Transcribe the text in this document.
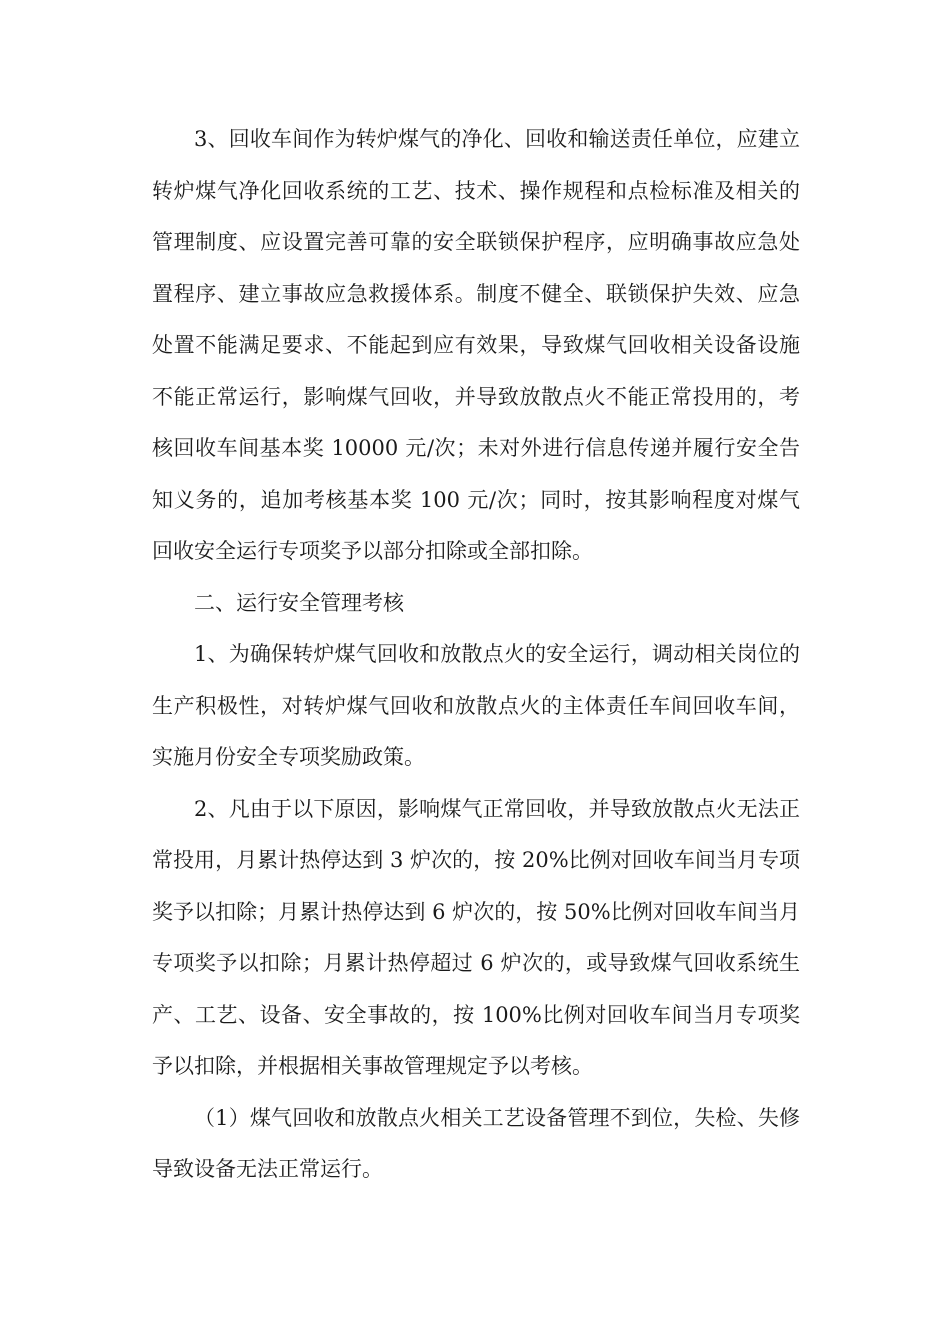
3、回收车间作为转炉煤气的净化、回收和输送责任单位，应建立转炉煤气净化回收系统的工艺、技术、操作规程和点检标准及相关的管理制度、应设置完善可靠的安全联锁保护程序，应明确事故应急处置程序、建立事故应急救援体系。制度不健全、联锁保护失效、应急处置不能满足要求、不能起到应有效果，导致煤气回收相关设备设施不能正常运行，影响煤气回收，并导致放散点火不能正常投用的，考核回收车间基本奖 10000 元/次；未对外进行信息传递并履行安全告知义务的，追加考核基本奖 100 元/次；同时，按其影响程度对煤气回收安全运行专项奖予以部分扣除或全部扣除。

二、运行安全管理考核

1、为确保转炉煤气回收和放散点火的安全运行，调动相关岗位的生产积极性，对转炉煤气回收和放散点火的主体责任车间回收车间，实施月份安全专项奖励政策。

2、凡由于以下原因，影响煤气正常回收，并导致放散点火无法正常投用，月累计热停达到 3 炉次的，按 20%比例对回收车间当月专项奖予以扣除；月累计热停达到 6 炉次的，按 50%比例对回收车间当月专项奖予以扣除；月累计热停超过 6 炉次的，或导致煤气回收系统生产、工艺、设备、安全事故的，按 100%比例对回收车间当月专项奖予以扣除，并根据相关事故管理规定予以考核。

（1）煤气回收和放散点火相关工艺设备管理不到位，失检、失修导致设备无法正常运行。
